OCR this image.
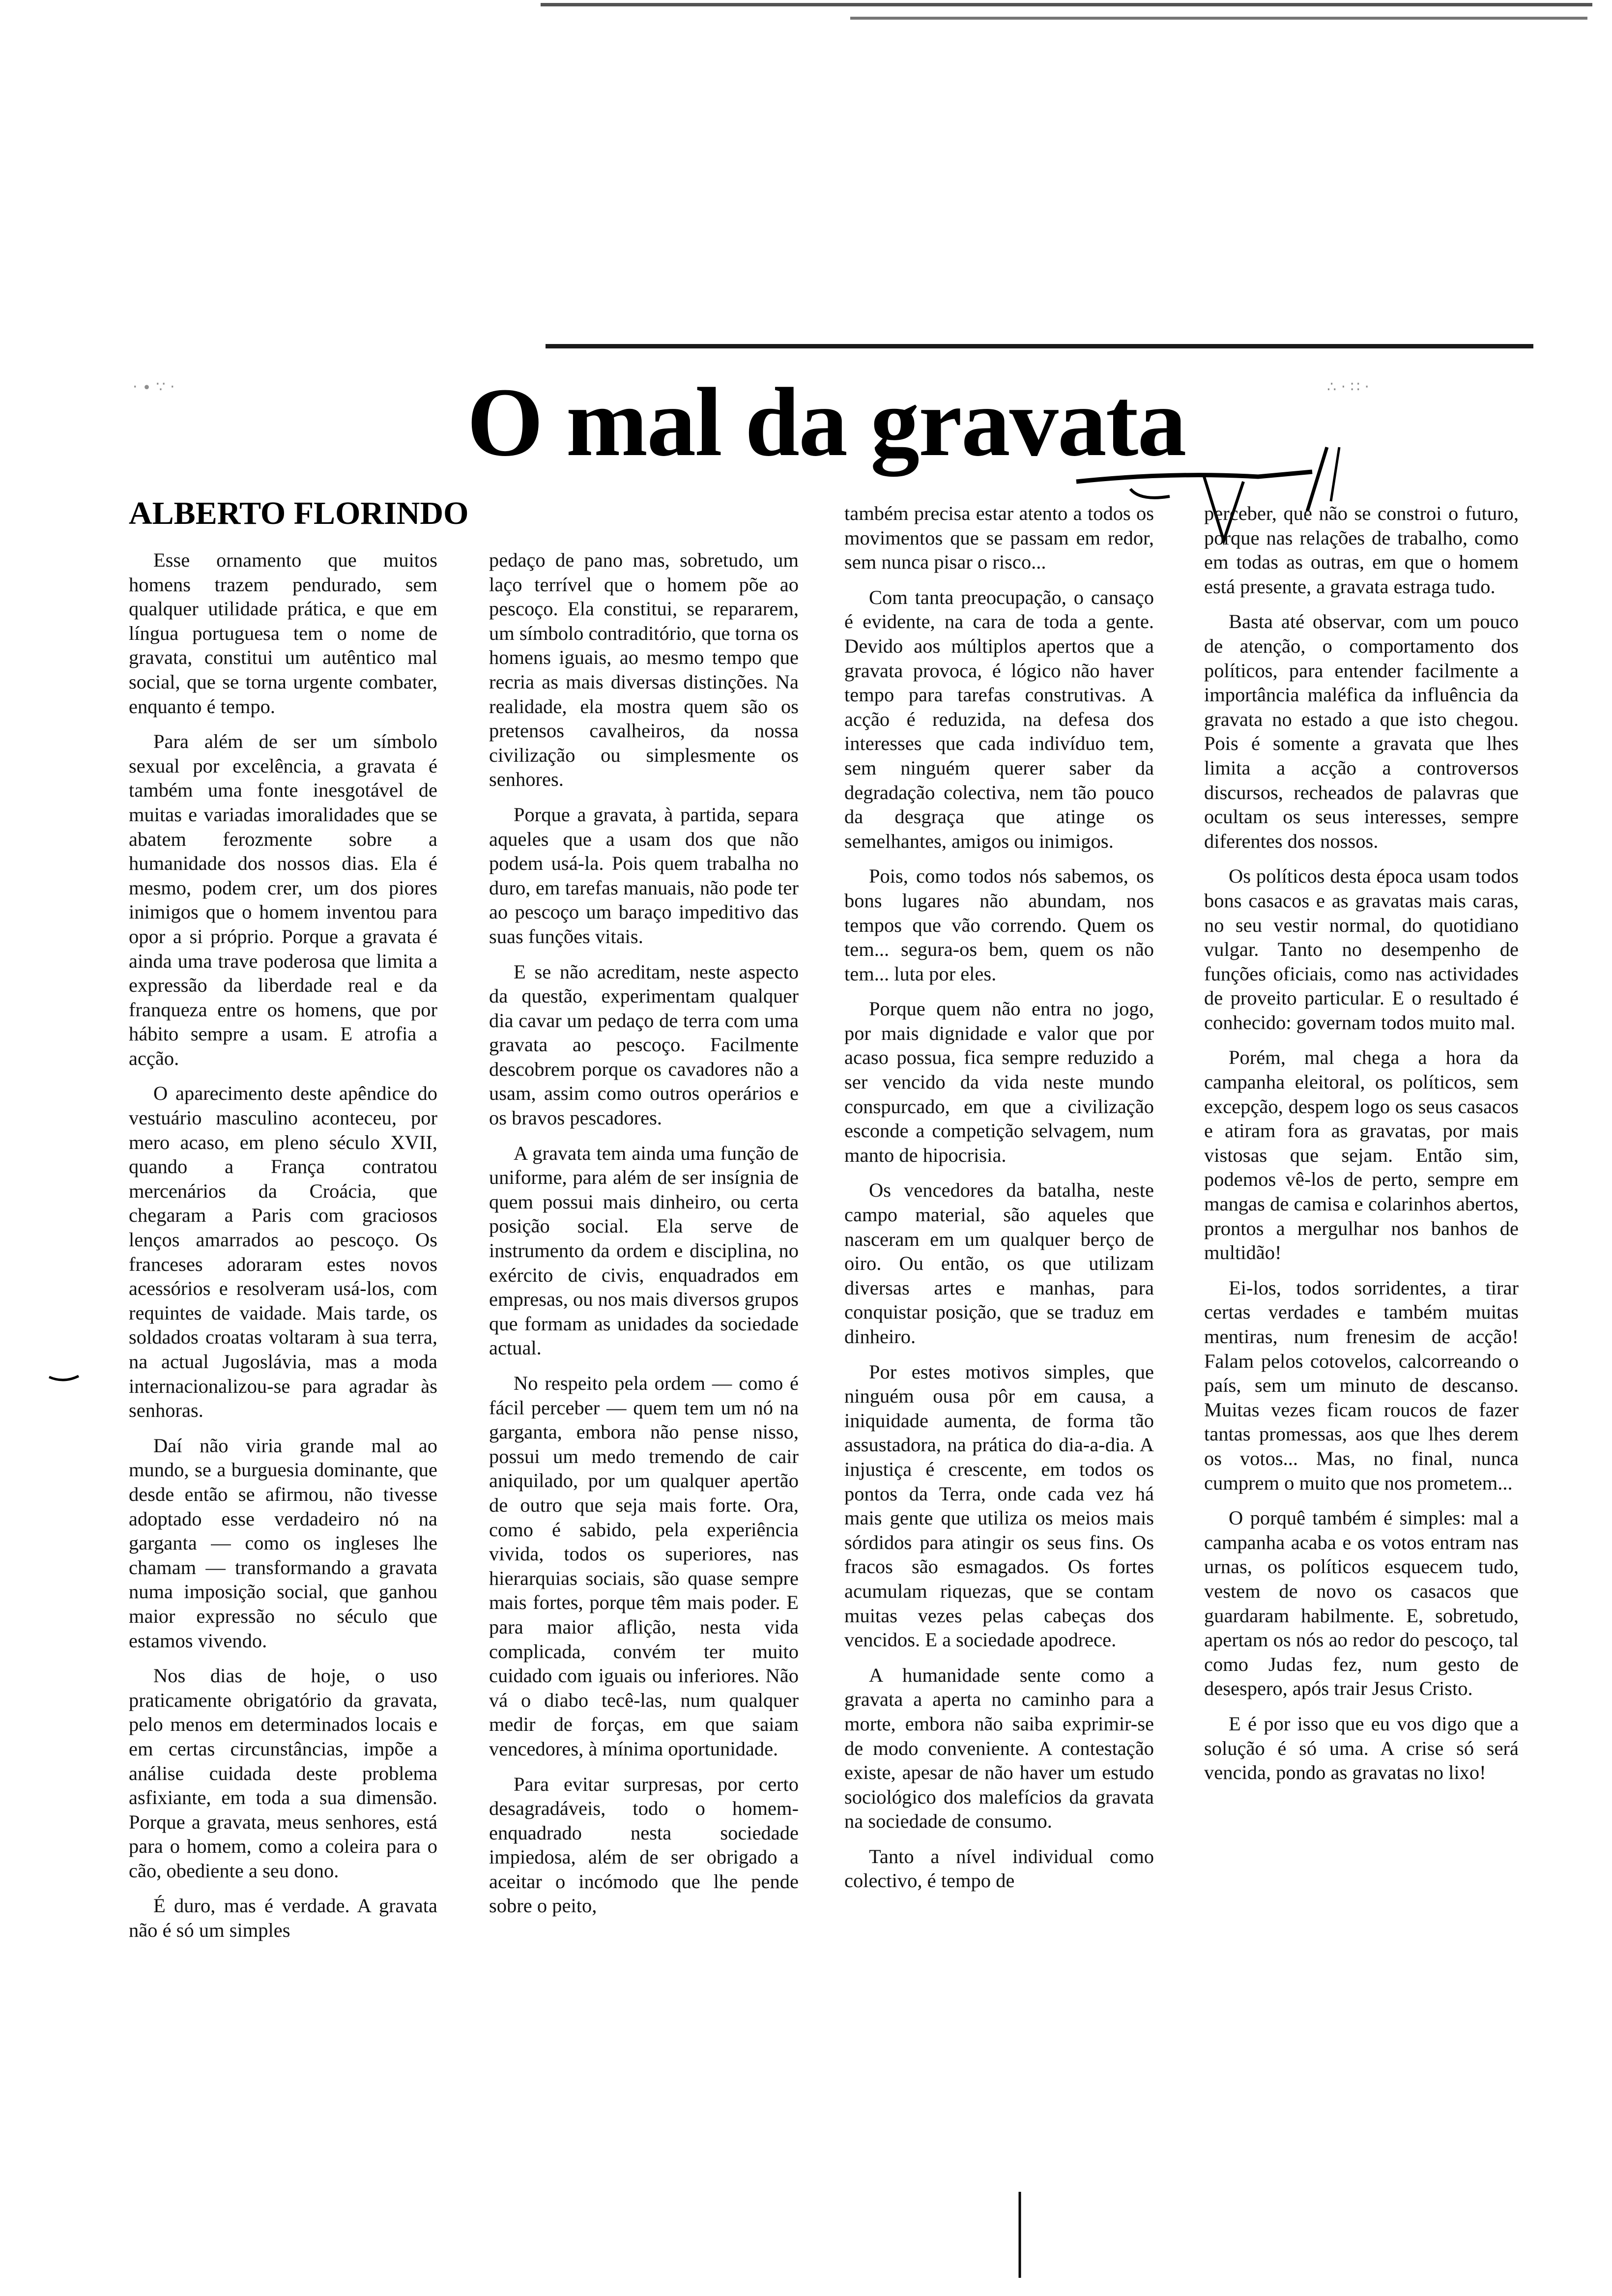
O mal da gravata
· ∙ ∵ ·	∴ · ∷ ·
ALBERTO FLORINDO

Esse ornamento que muitos homens trazem pendurado, sem qualquer utilidade prática, e que em língua portuguesa tem o nome de gravata, constitui um autêntico mal social, que se torna urgente combater, enquanto é tempo.

Para além de ser um símbolo sexual por excelência, a gravata é também uma fonte inesgotável de muitas e variadas imoralidades que se abatem ferozmente sobre a humanidade dos nossos dias. Ela é mesmo, podem crer, um dos piores inimigos que o homem inventou para opor a si próprio. Porque a gravata é ainda uma trave poderosa que limita a expressão da liberdade real e da franqueza entre os homens, que por hábito sempre a usam. E atrofia a acção.

O aparecimento deste apêndice do vestuário masculino aconteceu, por mero acaso, em pleno século XVII, quando a França contratou mercenários da Croácia, que chegaram a Paris com graciosos lenços amarrados ao pescoço. Os franceses adoraram estes novos acessórios e resolveram usá-los, com requintes de vaidade. Mais tarde, os soldados croatas voltaram à sua terra, na actual Jugoslávia, mas a moda internacionalizou-se para agradar às senhoras.

Daí não viria grande mal ao mundo, se a burguesia dominante, que desde então se afirmou, não tivesse adoptado esse verdadeiro nó na garganta — como os ingleses lhe chamam — transformando a gravata numa imposição social, que ganhou maior expressão no século que estamos vivendo.

Nos dias de hoje, o uso praticamente obrigatório da gravata, pelo menos em determinados locais e em certas circunstâncias, impõe a análise cuidada deste problema asfixiante, em toda a sua dimensão. Porque a gravata, meus senhores, está para o homem, como a coleira para o cão, obediente a seu dono.

É duro, mas é verdade. A gravata não é só um simples

pedaço de pano mas, sobretudo, um laço terrível que o homem põe ao pescoço. Ela constitui, se repararem, um símbolo contraditório, que torna os homens iguais, ao mesmo tempo que recria as mais diversas distinções. Na realidade, ela mostra quem são os pretensos cavalheiros, da nossa civilização ou simplesmente os senhores.

Porque a gravata, à partida, separa aqueles que a usam dos que não podem usá-la. Pois quem trabalha no duro, em tarefas manuais, não pode ter ao pescoço um baraço impeditivo das suas funções vitais.

E se não acreditam, neste aspecto da questão, experimentam qualquer dia cavar um pedaço de terra com uma gravata ao pescoço. Facilmente descobrem porque os cavadores não a usam, assim como outros operários e os bravos pescadores.

A gravata tem ainda uma função de uniforme, para além de ser insígnia de quem possui mais dinheiro, ou certa posição social. Ela serve de instrumento da ordem e disciplina, no exército de civis, enquadrados em empresas, ou nos mais diversos grupos que formam as unidades da sociedade actual.

No respeito pela ordem — como é fácil perceber — quem tem um nó na garganta, embora não pense nisso, possui um medo tremendo de cair aniquilado, por um qualquer apertão de outro que seja mais forte. Ora, como é sabido, pela experiência vivida, todos os superiores, nas hierarquias sociais, são quase sempre mais fortes, porque têm mais poder. E para maior aflição, nesta vida complicada, convém ter muito cuidado com iguais ou inferiores. Não vá o diabo tecê-las, num qualquer medir de forças, em que saiam vencedores, à mínima oportunidade.

Para evitar surpresas, por certo desagradáveis, todo o homem-enquadrado nesta sociedade impiedosa, além de ser obrigado a aceitar o incómodo que lhe pende sobre o peito,

também precisa estar atento a todos os movimentos que se passam em redor, sem nunca pisar o risco...

Com tanta preocupação, o cansaço é evidente, na cara de toda a gente. Devido aos múltiplos apertos que a gravata provoca, é lógico não haver tempo para tarefas construtivas. A acção é reduzida, na defesa dos interesses que cada indivíduo tem, sem ninguém querer saber da degradação colectiva, nem tão pouco da desgraça que atinge os semelhantes, amigos ou inimigos.

Pois, como todos nós sabemos, os bons lugares não abundam, nos tempos que vão correndo. Quem os tem... segura-os bem, quem os não tem... luta por eles.

Porque quem não entra no jogo, por mais dignidade e valor que por acaso possua, fica sempre reduzido a ser vencido da vida neste mundo conspurcado, em que a civilização esconde a competição selvagem, num manto de hipocrisia.

Os vencedores da batalha, neste campo material, são aqueles que nasceram em um qualquer berço de oiro. Ou então, os que utilizam diversas artes e manhas, para conquistar posição, que se traduz em dinheiro.

Por estes motivos simples, que ninguém ousa pôr em causa, a iniquidade aumenta, de forma tão assustadora, na prática do dia-a-dia. A injustiça é crescente, em todos os pontos da Terra, onde cada vez há mais gente que utiliza os meios mais sórdidos para atingir os seus fins. Os fracos são esmagados. Os fortes acumulam riquezas, que se contam muitas vezes pelas cabeças dos vencidos. E a sociedade apodrece.

A humanidade sente como a gravata a aperta no caminho para a morte, embora não saiba exprimir-se de modo conveniente. A contestação existe, apesar de não haver um estudo sociológico dos malefícios da gravata na sociedade de consumo.

Tanto a nível individual como colectivo, é tempo de

perceber, que não se constroi o futuro, porque nas relações de trabalho, como em todas as outras, em que o homem está presente, a gravata estraga tudo.

Basta até observar, com um pouco de atenção, o comportamento dos políticos, para entender facilmente a importância maléfica da influência da gravata no estado a que isto chegou. Pois é somente a gravata que lhes limita a acção a controversos discursos, recheados de palavras que ocultam os seus interesses, sempre diferentes dos nossos.

Os políticos desta época usam todos bons casacos e as gravatas mais caras, no seu vestir normal, do quotidiano vulgar. Tanto no desempenho de funções oficiais, como nas actividades de proveito particular. E o resultado é conhecido: governam todos muito mal.

Porém, mal chega a hora da campanha eleitoral, os políticos, sem excepção, despem logo os seus casacos e atiram fora as gravatas, por mais vistosas que sejam. Então sim, podemos vê-los de perto, sempre em mangas de camisa e colarinhos abertos, prontos a mergulhar nos banhos de multidão!

Ei-los, todos sorridentes, a tirar certas verdades e também muitas mentiras, num frenesim de acção! Falam pelos cotovelos, calcorreando o país, sem um minuto de descanso. Muitas vezes ficam roucos de fazer tantas promessas, aos que lhes derem os votos... Mas, no final, nunca cumprem o muito que nos prometem...

O porquê também é simples: mal a campanha acaba e os votos entram nas urnas, os políticos esquecem tudo, vestem de novo os casacos que guardaram habilmente. E, sobretudo, apertam os nós ao redor do pescoço, tal como Judas fez, num gesto de desespero, após trair Jesus Cristo.

E é por isso que eu vos digo que a solução é só uma. A crise só será vencida, pondo as gravatas no lixo!
